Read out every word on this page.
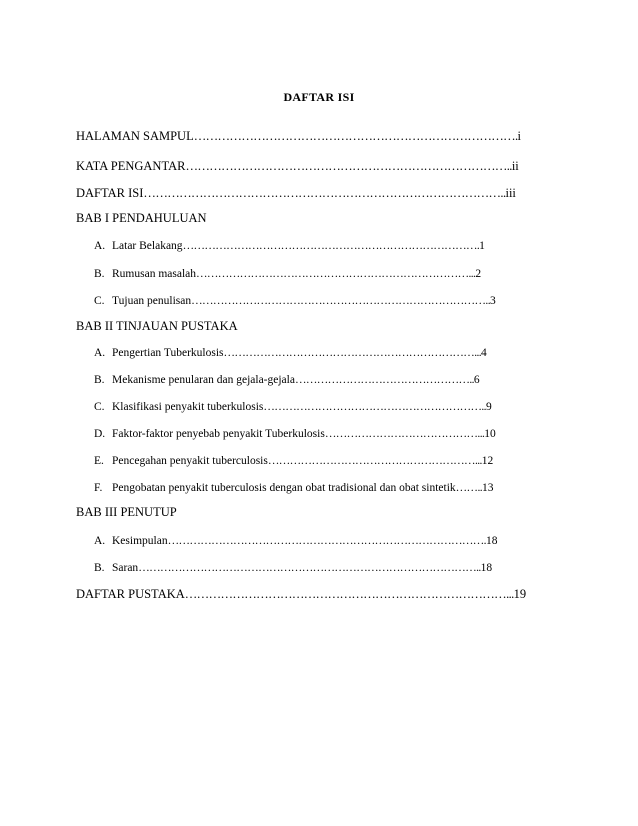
DAFTAR ISI
HALAMAN SAMPUL……………………………………………………………………….i
KATA PENGANTAR………………………………………………………………………..ii
DAFTAR ISI………………………………………………………………………………..iii
BAB I PENDAHULUAN
A. Latar Belakang……………………………………………………………………….1
B. Rumusan masalah…………………………………………………………………...2
C. Tujuan penulisan………………………………………………………………………..3
BAB II TINJAUAN PUSTAKA
A. Pengertian Tuberkulosis……………………………………………………………...4
B. Mekanisme penularan dan gejala-gejala…………………………………………..6
C. Klasifikasi penyakit tuberkulosis……………………………………………………..9
D. Faktor-faktor penyebab penyakit Tuberkulosis……………………………………...10
E. Pencegahan penyakit tuberculosis…………………………………………………...12
F. Pengobatan penyakit tuberculosis dengan obat tradisional dan obat sintetik……..13
BAB III PENUTUP
A. Kesimpulan…………………………………………………………………………….18
B. Saran…………………………………………………………………………………..18
DAFTAR PUSTAKA………………………………………………………………………...19
